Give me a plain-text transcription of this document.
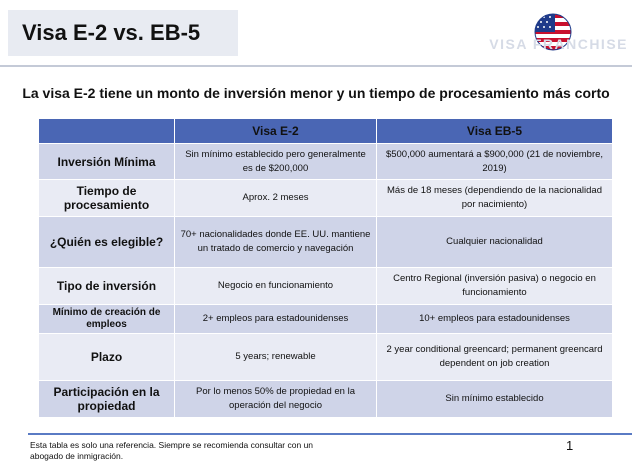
Visa E-2 vs. EB-5	VISA FRANCHISE
La visa E-2 tiene un monto de inversión menor y un tiempo de procesamiento más corto
	Visa E-2	Visa EB-5
Inversión Mínima	Sin mínimo establecido pero generalmente es de $200,000	$500,000 aumentará a $900,000 (21 de noviembre, 2019)
Tiempo de procesamiento	Aprox. 2 meses	Más de 18 meses (dependiendo de la nacionalidad por nacimiento)
¿Quién es elegible?	70+ nacionalidades donde EE. UU. mantiene un tratado de comercio y navegación	Cualquier nacionalidad
Tipo de inversión	Negocio en funcionamiento	Centro Regional (inversión pasiva) o negocio en funcionamiento
Mínimo de creación de empleos	2+ empleos para estadounidenses	10+ empleos para estadounidenses
Plazo	5 years; renewable	2 year conditional greencard; permanent greencard dependent on job creation
Participación en la propiedad	Por lo menos 50% de propiedad en la operación del negocio	Sin mínimo establecido
Esta tabla es solo una referencia. Siempre se recomienda consultar con un abogado de inmigración.
1
